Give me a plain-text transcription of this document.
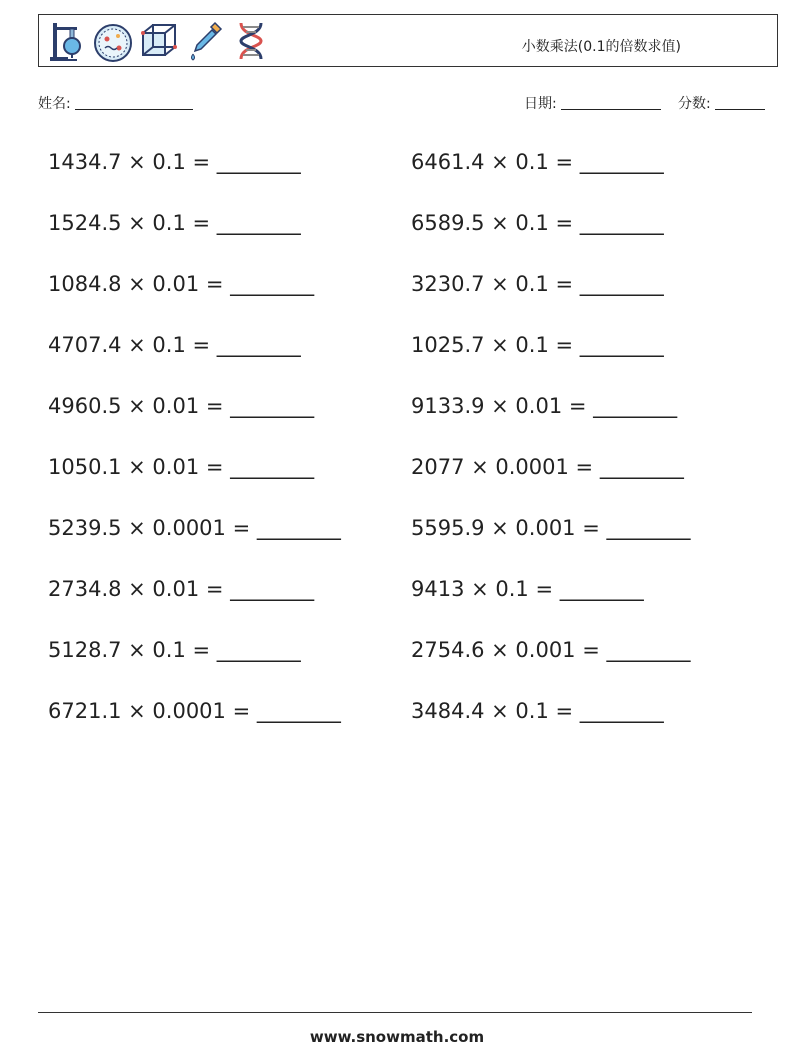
小数乘法(0.1的倍数求值)
姓名:	日期:	分数:
1434.7 × 0.1 = ________
1524.5 × 0.1 = ________
1084.8 × 0.01 = ________
4707.4 × 0.1 = ________
4960.5 × 0.01 = ________
1050.1 × 0.01 = ________
5239.5 × 0.0001 = ________
2734.8 × 0.01 = ________
5128.7 × 0.1 = ________
6721.1 × 0.0001 = ________
6461.4 × 0.1 = ________
6589.5 × 0.1 = ________
3230.7 × 0.1 = ________
1025.7 × 0.1 = ________
9133.9 × 0.01 = ________
2077 × 0.0001 = ________
5595.9 × 0.001 = ________
9413 × 0.1 = ________
2754.6 × 0.001 = ________
3484.4 × 0.1 = ________
www.snowmath.com
